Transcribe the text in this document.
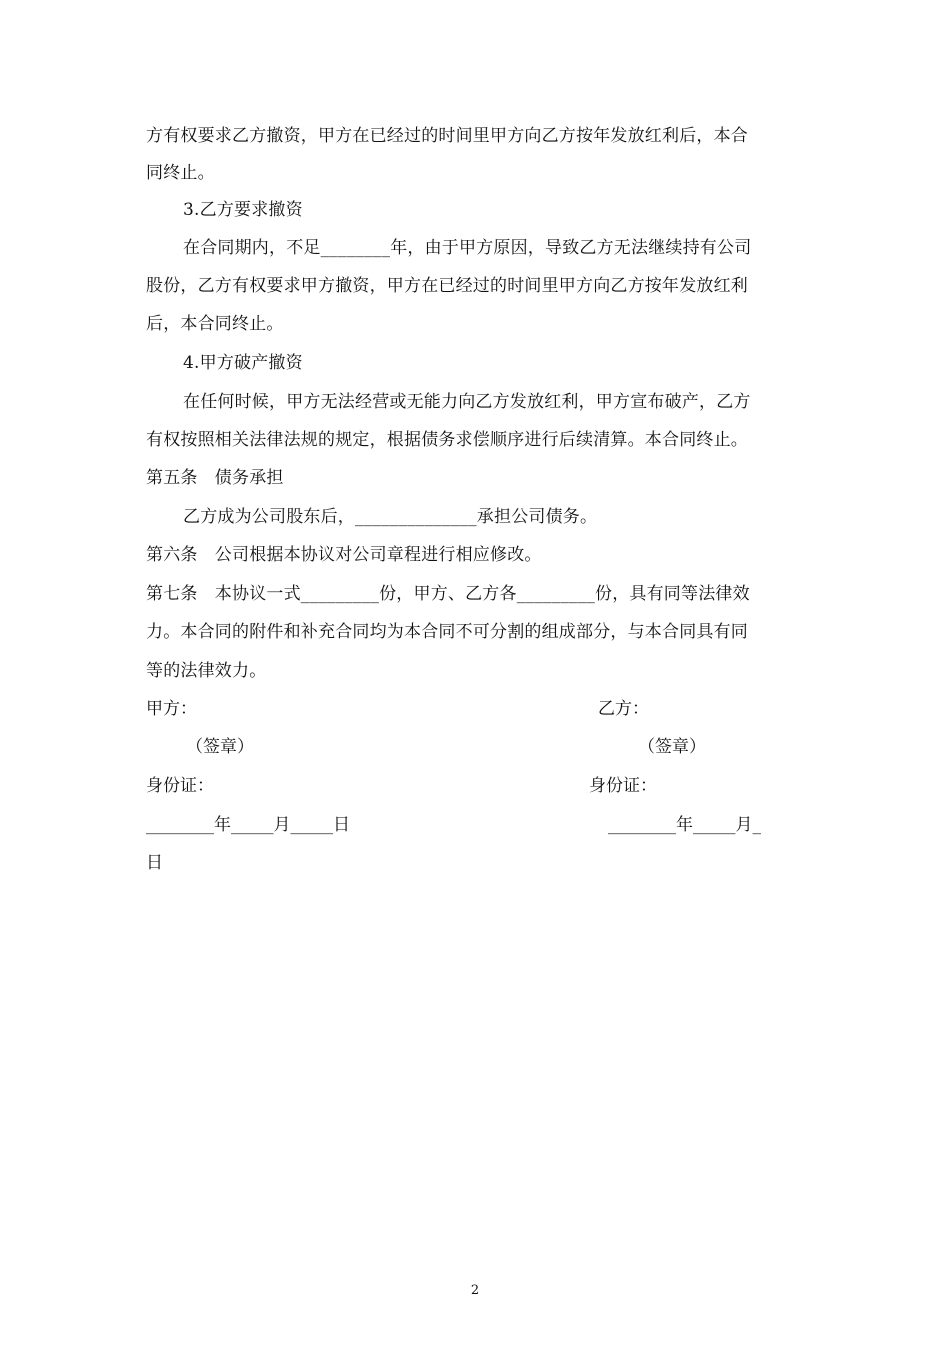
方有权要求乙方撤资，甲方在已经过的时间里甲方向乙方按年发放红利后，本合
同终止。
3.乙方要求撤资
在合同期内，不足________年，由于甲方原因，导致乙方无法继续持有公司
股份，乙方有权要求甲方撤资，甲方在已经过的时间里甲方向乙方按年发放红利
后，本合同终止。
4.甲方破产撤资
在任何时候，甲方无法经营或无能力向乙方发放红利，甲方宣布破产，乙方
有权按照相关法律法规的规定，根据债务求偿顺序进行后续清算。本合同终止。
第五条　债务承担
乙方成为公司股东后，______________承担公司债务。
第六条　公司根据本协议对公司章程进行相应修改。
第七条　本协议一式_________份，甲方、乙方各_________份，具有同等法律效
力。本合同的附件和补充合同均为本合同不可分割的组成部分，与本合同具有同
等的法律效力。
甲方：	乙方：
（签章）	（签章）
身份证：	身份证：
________年_____月_____日	________年_____月_
日
2
